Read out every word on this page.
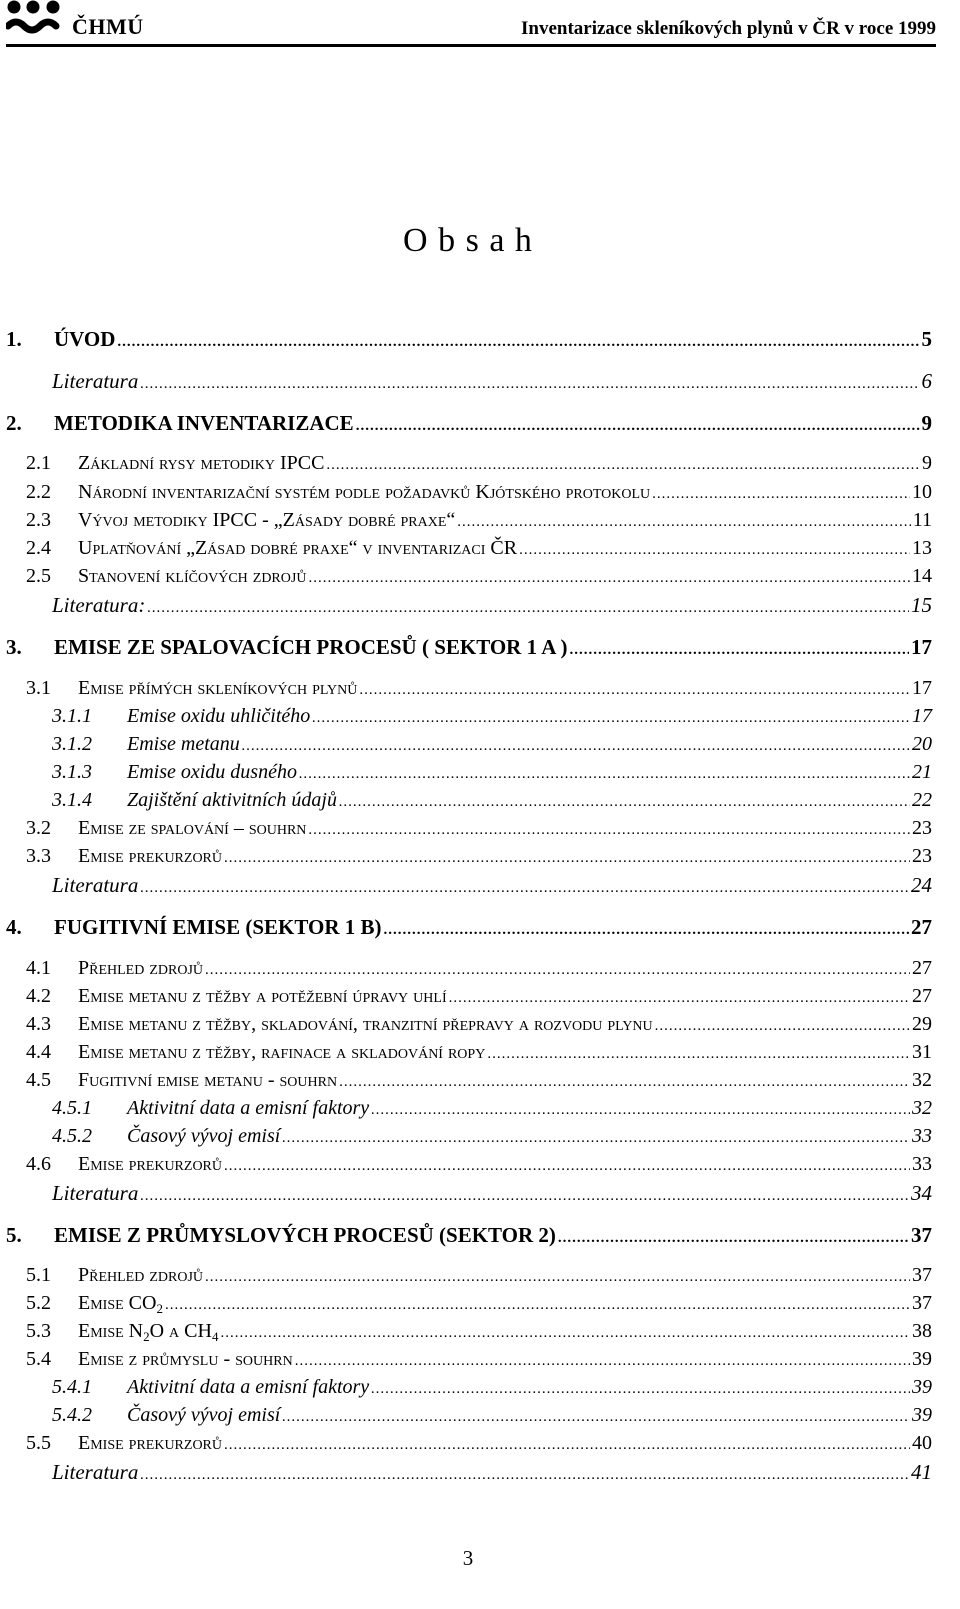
ČHMÚ	Inventarizace skleníkových plynů v ČR v roce 1999
O b s a h
1.	ÚVOD .....	5
Literatura .....	6
2.	METODIKA INVENTARIZACE .....	9
2.1	Základní rysy metodiky IPCC .....	9
2.2	Národní inventarizační systém podle požadavků Kjótského protokolu .....	10
2.3	Vývoj metodiky IPCC - „Zásady dobré praxe“ .....	11
2.4	Uplatňování „Zásad dobré praxe“ v inventarizaci ČR .....	13
2.5	Stanovení klíčových zdrojů .....	14
Literatura: .....	15
3.	EMISE ZE SPALOVACÍCH PROCESŮ ( SEKTOR 1 A ) .....	17
3.1	Emise přímých skleníkových plynů .....	17
3.1.1	Emise oxidu uhličitého .....	17
3.1.2	Emise metanu .....	20
3.1.3	Emise oxidu dusného .....	21
3.1.4	Zajištění aktivitních údajů .....	22
3.2	Emise ze spalování – souhrn .....	23
3.3	Emise prekurzorů .....	23
Literatura .....	24
4.	FUGITIVNÍ EMISE (SEKTOR 1 B) .....	27
4.1	Přehled zdrojů .....	27
4.2	Emise metanu z těžby a potěžební úpravy uhlí .....	27
4.3	Emise metanu z těžby, skladování, tranzitní přepravy a rozvodu plynu .....	29
4.4	Emise metanu z těžby, rafinace a skladování ropy .....	31
4.5	Fugitivní emise metanu - souhrn .....	32
4.5.1	Aktivitní data a emisní faktory .....	32
4.5.2	Časový vývoj emisí .....	33
4.6	Emise prekurzorů .....	33
Literatura .....	34
5.	EMISE Z PRŮMYSLOVÝCH PROCESŮ (SEKTOR 2) .....	37
5.1	Přehled zdrojů .....	37
5.2	Emise $CO_2$ .....	37
5.3	Emise $N_2O$ a $CH_4$ .....	38
5.4	Emise z průmyslu - souhrn .....	39
5.4.1	Aktivitní data a emisní faktory .....	39
5.4.2	Časový vývoj emisí .....	39
5.5	Emise prekurzorů .....	40
Literatura .....	41
3
